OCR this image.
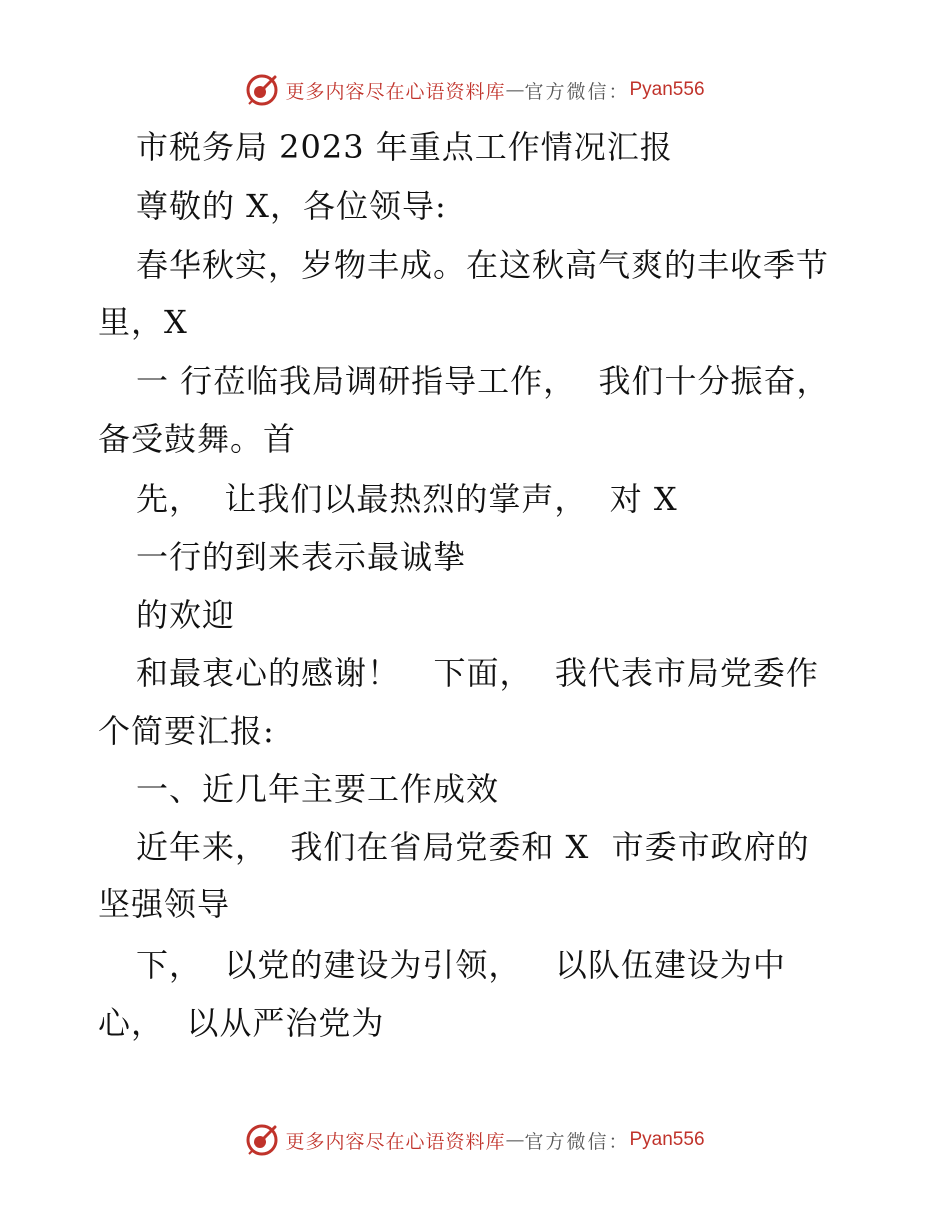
更多内容尽在心语资料库 — 官方微信： Pyan556
市税务局 2023 年重点工作情况汇报
尊敬的 X，各位领导:
春华秋实，岁物丰成。在这秋高气爽的丰收季节
里，X
一 行莅临我局调研指导工作，  我们十分振奋，
备受鼓舞。首
先，  让我们以最热烈的掌声，  对 X
一行的到来表示最诚挚
的欢迎
和最衷心的感谢！   下面，  我代表市局党委作
个简要汇报:
一、近几年主要工作成效
近年来，  我们在省局党委和 X  市委市政府的
坚强领导
下，  以党的建设为引领，   以队伍建设为中
心，  以从严治党为
更多内容尽在心语资料库 — 官方微信： Pyan556
